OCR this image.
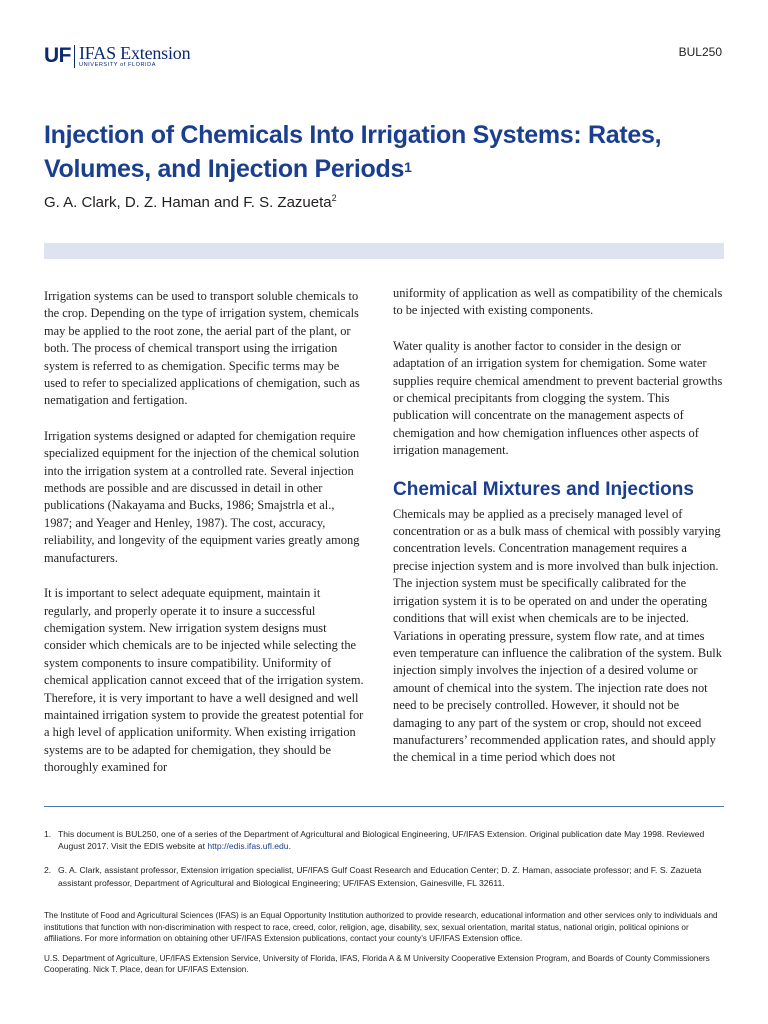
UF IFAS Extension
UNIVERSITY of FLORIDA
BUL250
Injection of Chemicals Into Irrigation Systems: Rates, Volumes, and Injection Periods$^1$
G. A. Clark, D. Z. Haman and F. S. Zazueta$^2$

Irrigation systems can be used to transport soluble chemicals to the crop. Depending on the type of irrigation system, chemicals may be applied to the root zone, the aerial part of the plant, or both. The process of chemical transport using the irrigation system is referred to as chemigation. Specific terms may be used to refer to specialized applications of chemigation, such as nematigation and fertigation.

Irrigation systems designed or adapted for chemigation require specialized equipment for the injection of the chemical solution into the irrigation system at a controlled rate. Several injection methods are possible and are discussed in detail in other publications (Nakayama and Bucks, 1986; Smajstrla et al., 1987; and Yeager and Henley, 1987). The cost, accuracy, reliability, and longevity of the equipment varies greatly among manufacturers.

It is important to select adequate equipment, maintain it regularly, and properly operate it to insure a successful chemigation system. New irrigation system designs must consider which chemicals are to be injected while selecting the system components to insure compatibility. Uniformity of chemical application cannot exceed that of the irrigation system. Therefore, it is very important to have a well designed and well maintained irrigation system to provide the greatest potential for a high level of application uniformity. When existing irrigation systems are to be adapted for chemigation, they should be thoroughly examined for

uniformity of application as well as compatibility of the chemicals to be injected with existing components.

Water quality is another factor to consider in the design or adaptation of an irrigation system for chemigation. Some water supplies require chemical amendment to prevent bacterial growths or chemical precipitants from clogging the system. This publication will concentrate on the management aspects of chemigation and how chemigation influences other aspects of irrigation management.

Chemical Mixtures and Injections

Chemicals may be applied as a precisely managed level of concentration or as a bulk mass of chemical with possibly varying concentration levels. Concentration management requires a precise injection system and is more involved than bulk injection. The injection system must be specifically calibrated for the irrigation system it is to be operated on and under the operating conditions that will exist when chemicals are to be injected. Variations in operating pressure, system flow rate, and at times even temperature can influence the calibration of the system. Bulk injection simply involves the injection of a desired volume or amount of chemical into the system. The injection rate does not need to be precisely controlled. However, it should not be damaging to any part of the system or crop, should not exceed manufacturers’ recommended application rates, and should apply the chemical in a time period which does not

1. This document is BUL250, one of a series of the Department of Agricultural and Biological Engineering, UF/IFAS Extension. Original publication date May 1998. Reviewed August 2017. Visit the EDIS website at http://edis.ifas.ufl.edu.
2. G. A. Clark, assistant professor, Extension irrigation specialist, UF/IFAS Gulf Coast Research and Education Center; D. Z. Haman, associate professor; and F. S. Zazueta assistant professor, Department of Agricultural and Biological Engineering; UF/IFAS Extension, Gainesville, FL 32611.

The Institute of Food and Agricultural Sciences (IFAS) is an Equal Opportunity Institution authorized to provide research, educational information and other services only to individuals and institutions that function with non-discrimination with respect to race, creed, color, religion, age, disability, sex, sexual orientation, marital status, national origin, political opinions or affiliations. For more information on obtaining other UF/IFAS Extension publications, contact your county’s UF/IFAS Extension office.

U.S. Department of Agriculture, UF/IFAS Extension Service, University of Florida, IFAS, Florida A & M University Cooperative Extension Program, and Boards of County Commissioners Cooperating. Nick T. Place, dean for UF/IFAS Extension.
